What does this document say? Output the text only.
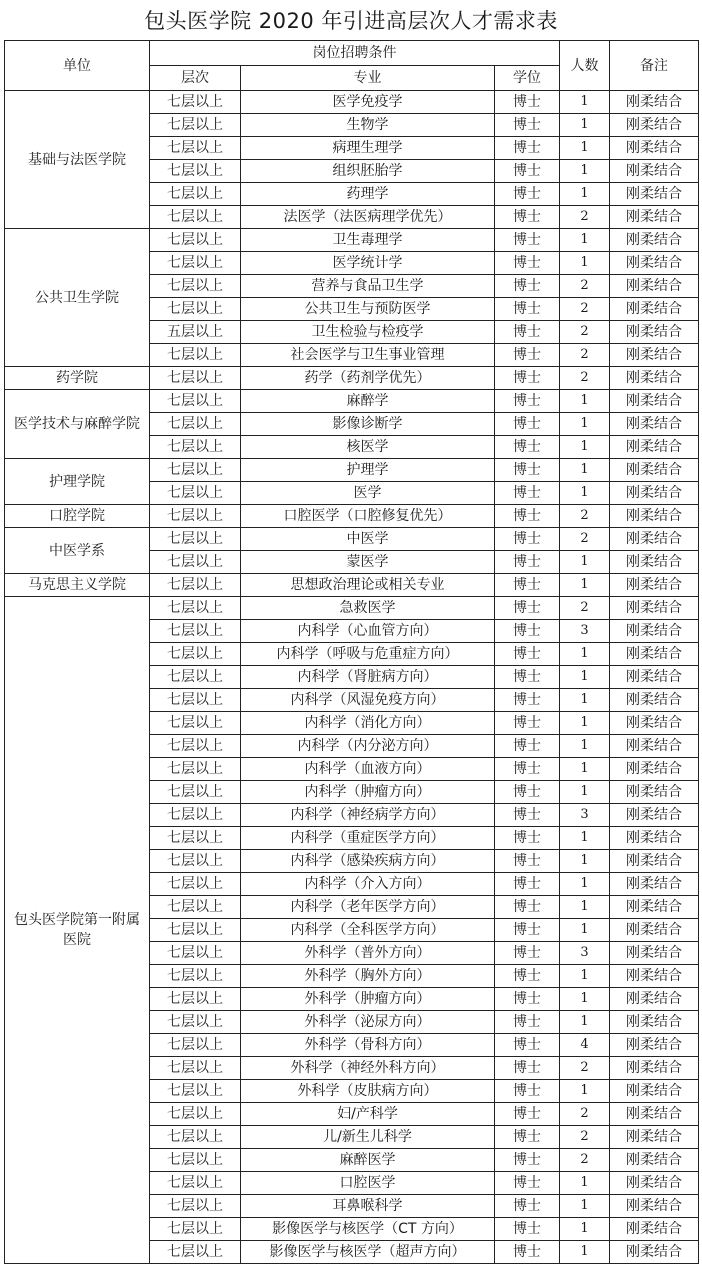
包头医学院 2020 年引进高层次人才需求表
单位	岗位招聘条件			人数	备注
	层次	专业	学位		
基础与法医学院	七层以上	医学免疫学	博士	1	刚柔结合
	七层以上	生物学	博士	1	刚柔结合
	七层以上	病理生理学	博士	1	刚柔结合
	七层以上	组织胚胎学	博士	1	刚柔结合
	七层以上	药理学	博士	1	刚柔结合
	七层以上	法医学（法医病理学优先）	博士	2	刚柔结合
公共卫生学院	七层以上	卫生毒理学	博士	1	刚柔结合
	七层以上	医学统计学	博士	1	刚柔结合
	七层以上	营养与食品卫生学	博士	2	刚柔结合
	七层以上	公共卫生与预防医学	博士	2	刚柔结合
	五层以上	卫生检验与检疫学	博士	2	刚柔结合
	七层以上	社会医学与卫生事业管理	博士	2	刚柔结合
药学院	七层以上	药学（药剂学优先）	博士	2	刚柔结合
医学技术与麻醉学院	七层以上	麻醉学	博士	1	刚柔结合
	七层以上	影像诊断学	博士	1	刚柔结合
	七层以上	核医学	博士	1	刚柔结合
护理学院	七层以上	护理学	博士	1	刚柔结合
	七层以上	医学	博士	1	刚柔结合
口腔学院	七层以上	口腔医学（口腔修复优先）	博士	2	刚柔结合
中医学系	七层以上	中医学	博士	2	刚柔结合
	七层以上	蒙医学	博士	1	刚柔结合
马克思主义学院	七层以上	思想政治理论或相关专业	博士	1	刚柔结合
包头医学院第一附属医院	七层以上	急救医学	博士	2	刚柔结合
	七层以上	内科学（心血管方向）	博士	3	刚柔结合
	七层以上	内科学（呼吸与危重症方向）	博士	1	刚柔结合
	七层以上	内科学（肾脏病方向）	博士	1	刚柔结合
	七层以上	内科学（风湿免疫方向）	博士	1	刚柔结合
	七层以上	内科学（消化方向）	博士	1	刚柔结合
	七层以上	内科学（内分泌方向）	博士	1	刚柔结合
	七层以上	内科学（血液方向）	博士	1	刚柔结合
	七层以上	内科学（肿瘤方向）	博士	1	刚柔结合
	七层以上	内科学（神经病学方向）	博士	3	刚柔结合
	七层以上	内科学（重症医学方向）	博士	1	刚柔结合
	七层以上	内科学（感染疾病方向）	博士	1	刚柔结合
	七层以上	内科学（介入方向）	博士	1	刚柔结合
	七层以上	内科学（老年医学方向）	博士	1	刚柔结合
	七层以上	内科学（全科医学方向）	博士	1	刚柔结合
	七层以上	外科学（普外方向）	博士	3	刚柔结合
	七层以上	外科学（胸外方向）	博士	1	刚柔结合
	七层以上	外科学（肿瘤方向）	博士	1	刚柔结合
	七层以上	外科学（泌尿方向）	博士	1	刚柔结合
	七层以上	外科学（骨科方向）	博士	4	刚柔结合
	七层以上	外科学（神经外科方向）	博士	2	刚柔结合
	七层以上	外科学（皮肤病方向）	博士	1	刚柔结合
	七层以上	妇/产科学	博士	2	刚柔结合
	七层以上	儿/新生儿科学	博士	2	刚柔结合
	七层以上	麻醉医学	博士	2	刚柔结合
	七层以上	口腔医学	博士	1	刚柔结合
	七层以上	耳鼻喉科学	博士	1	刚柔结合
	七层以上	影像医学与核医学（CT 方向）	博士	1	刚柔结合
	七层以上	影像医学与核医学（超声方向）	博士	1	刚柔结合
